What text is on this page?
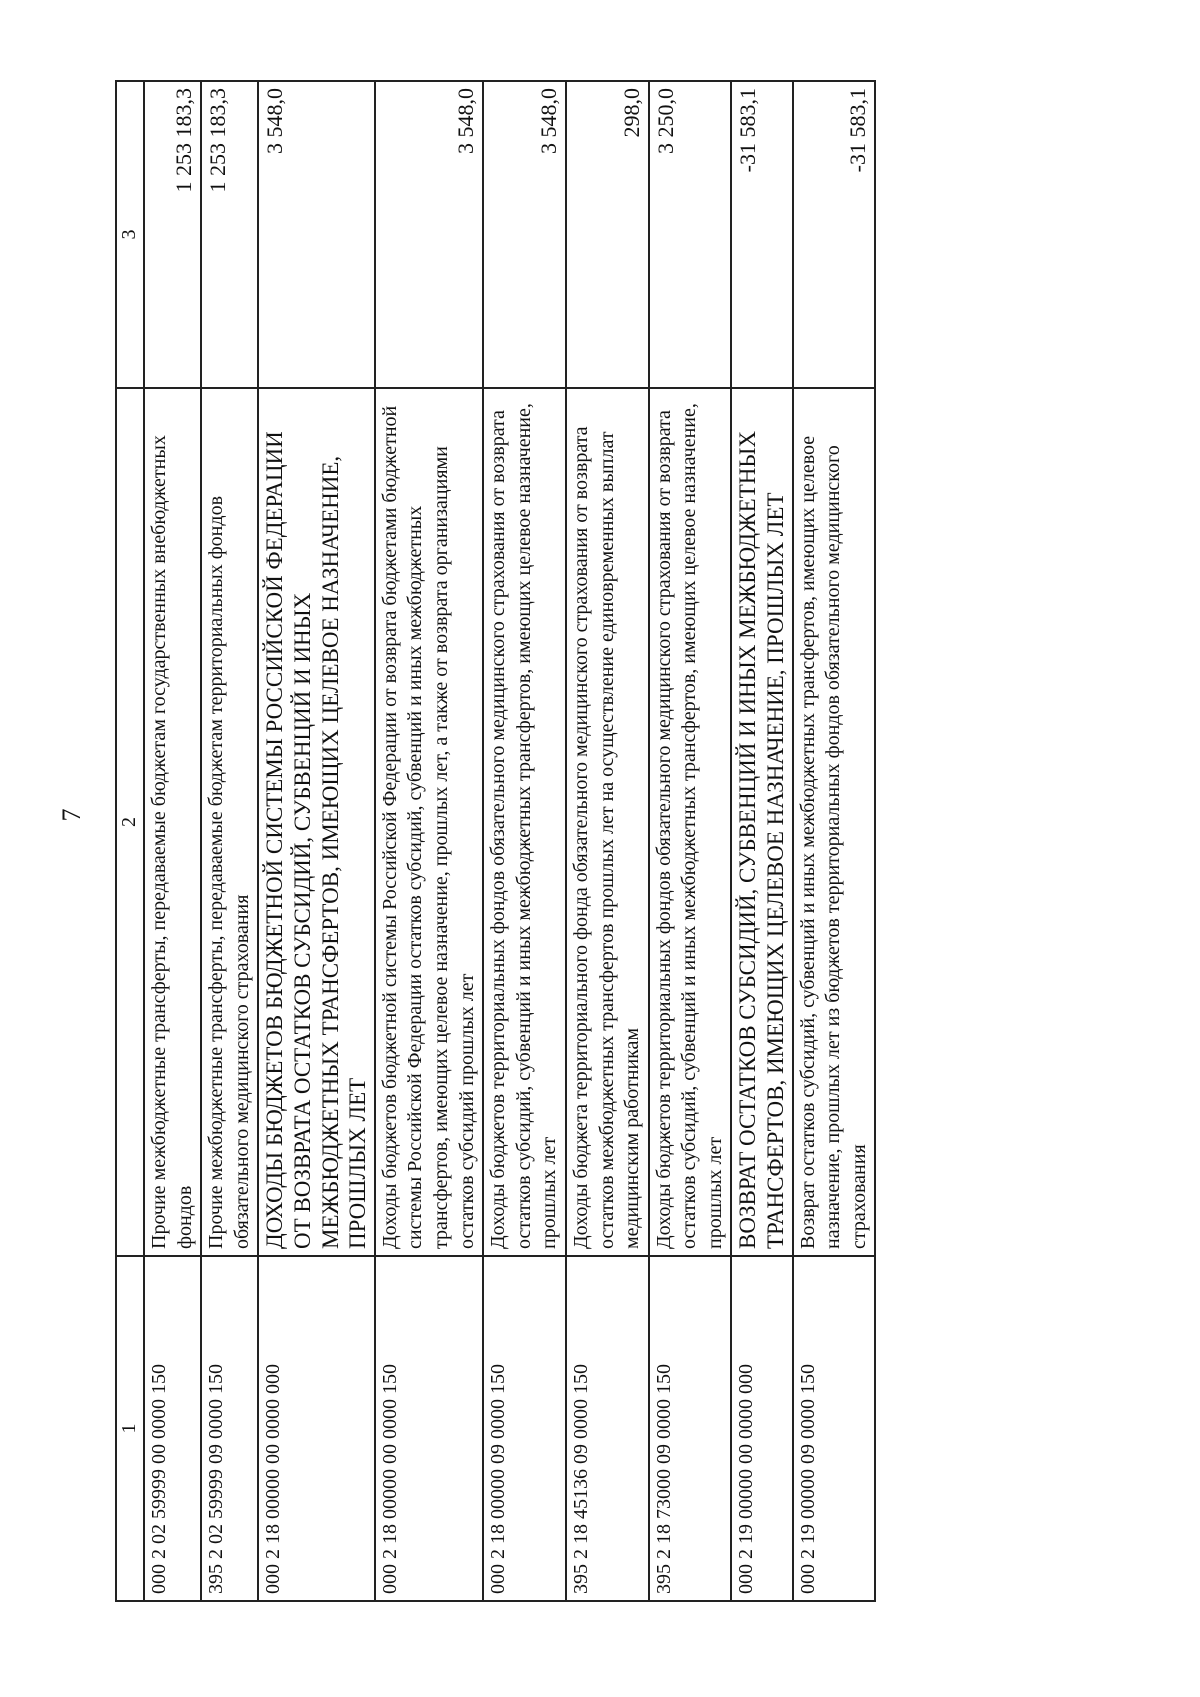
7
1	2	3
000 2 02 59999 00 0000 150	Прочие межбюджетные трансферты, передаваемые бюджетам государственных внебюджетных фондов	1 253 183,3
395 2 02 59999 09 0000 150	Прочие межбюджетные трансферты, передаваемые бюджетам территориальных фондов обязательного медицинского страхования	1 253 183,3
000 2 18 00000 00 0000 000	ДОХОДЫ БЮДЖЕТОВ БЮДЖЕТНОЙ СИСТЕМЫ РОССИЙСКОЙ ФЕДЕРАЦИИ ОТ ВОЗВРАТА ОСТАТКОВ СУБСИДИЙ, СУБВЕНЦИЙ И ИНЫХ МЕЖБЮДЖЕТНЫХ ТРАНСФЕРТОВ, ИМЕЮЩИХ ЦЕЛЕВОЕ НАЗНАЧЕНИЕ, ПРОШЛЫХ ЛЕТ	3 548,0
000 2 18 00000 00 0000 150	Доходы бюджетов бюджетной системы Российской Федерации от возврата бюджетами бюджетной системы Российской Федерации остатков субсидий, субвенций и иных межбюджетных трансфертов, имеющих целевое назначение, прошлых лет, а также от возврата организациями остатков субсидий прошлых лет	3 548,0
000 2 18 00000 09 0000 150	Доходы бюджетов территориальных фондов обязательного медицинского страхования от возврата остатков субсидий, субвенций и иных межбюджетных трансфертов, имеющих целевое назначение, прошлых лет	3 548,0
395 2 18 45136 09 0000 150	Доходы бюджета территориального фонда обязательного медицинского страхования от возврата остатков межбюджетных трансфертов прошлых лет на осуществление единовременных выплат медицинским работникам	298,0
395 2 18 73000 09 0000 150	Доходы бюджетов территориальных фондов обязательного медицинского страхования от возврата остатков субсидий, субвенций и иных межбюджетных трансфертов, имеющих целевое назначение, прошлых лет	3 250,0
000 2 19 00000 00 0000 000	ВОЗВРАТ ОСТАТКОВ СУБСИДИЙ, СУБВЕНЦИЙ И ИНЫХ МЕЖБЮДЖЕТНЫХ ТРАНСФЕРТОВ, ИМЕЮЩИХ ЦЕЛЕВОЕ НАЗНАЧЕНИЕ, ПРОШЛЫХ ЛЕТ	-31 583,1
000 2 19 00000 09 0000 150	Возврат остатков субсидий, субвенций и иных межбюджетных трансфертов, имеющих целевое назначение, прошлых лет из бюджетов территориальных фондов обязательного медицинского страхования	-31 583,1
